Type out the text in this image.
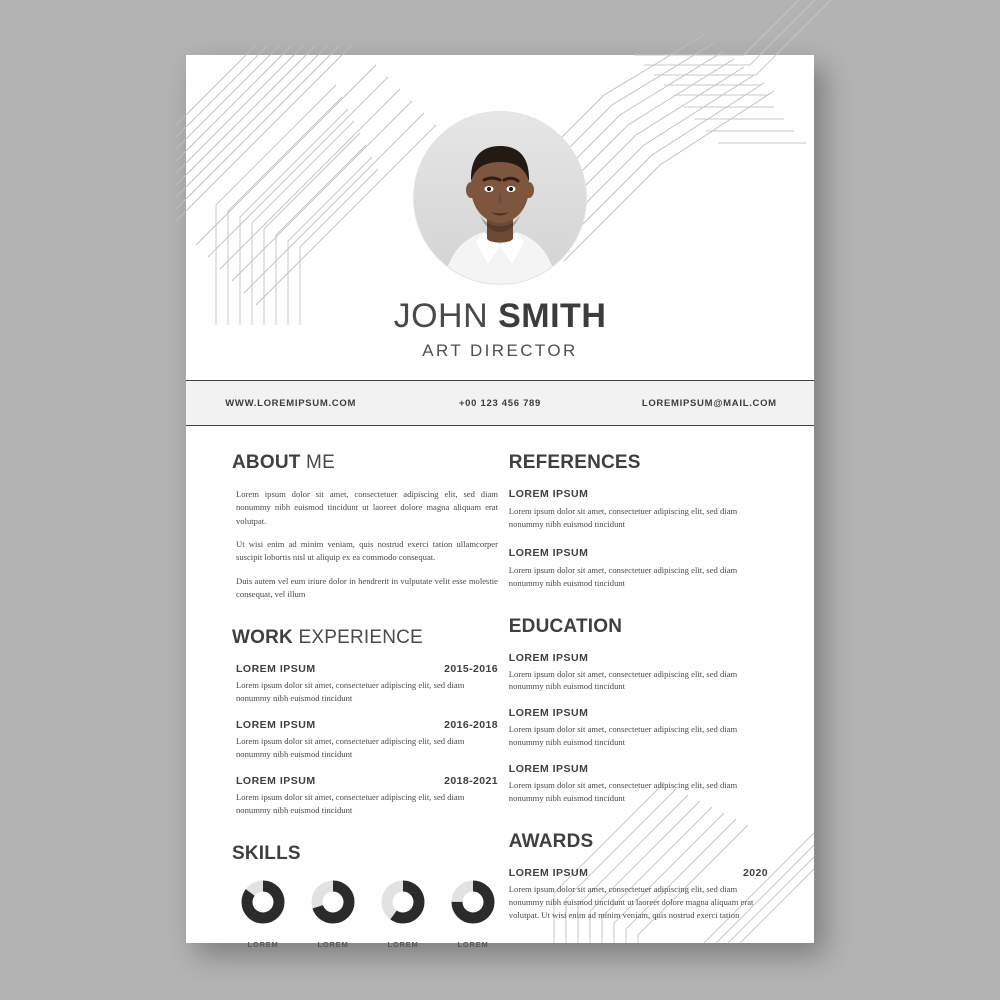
JOHN SMITH
ART DIRECTOR
WWW.LOREMIPSUM.COM	+00 123 456 789	LOREMIPSUM@MAIL.COM
ABOUT ME

Lorem ipsum dolor sit amet, consectetuer adipiscing elit, sed diam nonummy nibh euismod tincidunt ut laoreet dolore magna aliquam erat volutpat.

Ut wisi enim ad minim veniam, quis nostrud exerci tation ullamcorper suscipit lobortis nisl ut aliquip ex ea commodo consequat.

Duis autem vel eum iriure dolor in hendrerit in vulputate velit esse molestie consequat, vel illum

WORK EXPERIENCE
LOREM IPSUM	2015-2016
Lorem ipsum dolor sit amet, consectetuer adipiscing elit, sed diam nonummy nibh euismod tincidunt
LOREM IPSUM	2016-2018
Lorem ipsum dolor sit amet, consectetuer adipiscing elit, sed diam nonummy nibh euismod tincidunt
LOREM IPSUM	2018-2021
Lorem ipsum dolor sit amet, consectetuer adipiscing elit, sed diam nonummy nibh euismod tincidunt
SKILLS
LOREM	LOREM	LOREM	LOREM
REFERENCES
LOREM IPSUM
Lorem ipsum dolor sit amet, consectetuer adipiscing elit, sed diam nonummy nibh euismod tincidunt
LOREM IPSUM
Lorem ipsum dolor sit amet, consectetuer adipiscing elit, sed diam nonummy nibh euismod tincidunt
EDUCATION
LOREM IPSUM
Lorem ipsum dolor sit amet, consectetuer adipiscing elit, sed diam nonummy nibh euismod tincidunt
LOREM IPSUM
Lorem ipsum dolor sit amet, consectetuer adipiscing elit, sed diam nonummy nibh euismod tincidunt
LOREM IPSUM
Lorem ipsum dolor sit amet, consectetuer adipiscing elit, sed diam nonummy nibh euismod tincidunt
AWARDS
LOREM IPSUM	2020
Lorem ipsum dolor sit amet, consectetuer adipiscing elit, sed diam nonummy nibh euismod tincidunt ut laoreet dolore magna aliquam erat volutpat. Ut wisi enim ad minim veniam, quis nostrud exerci tation
